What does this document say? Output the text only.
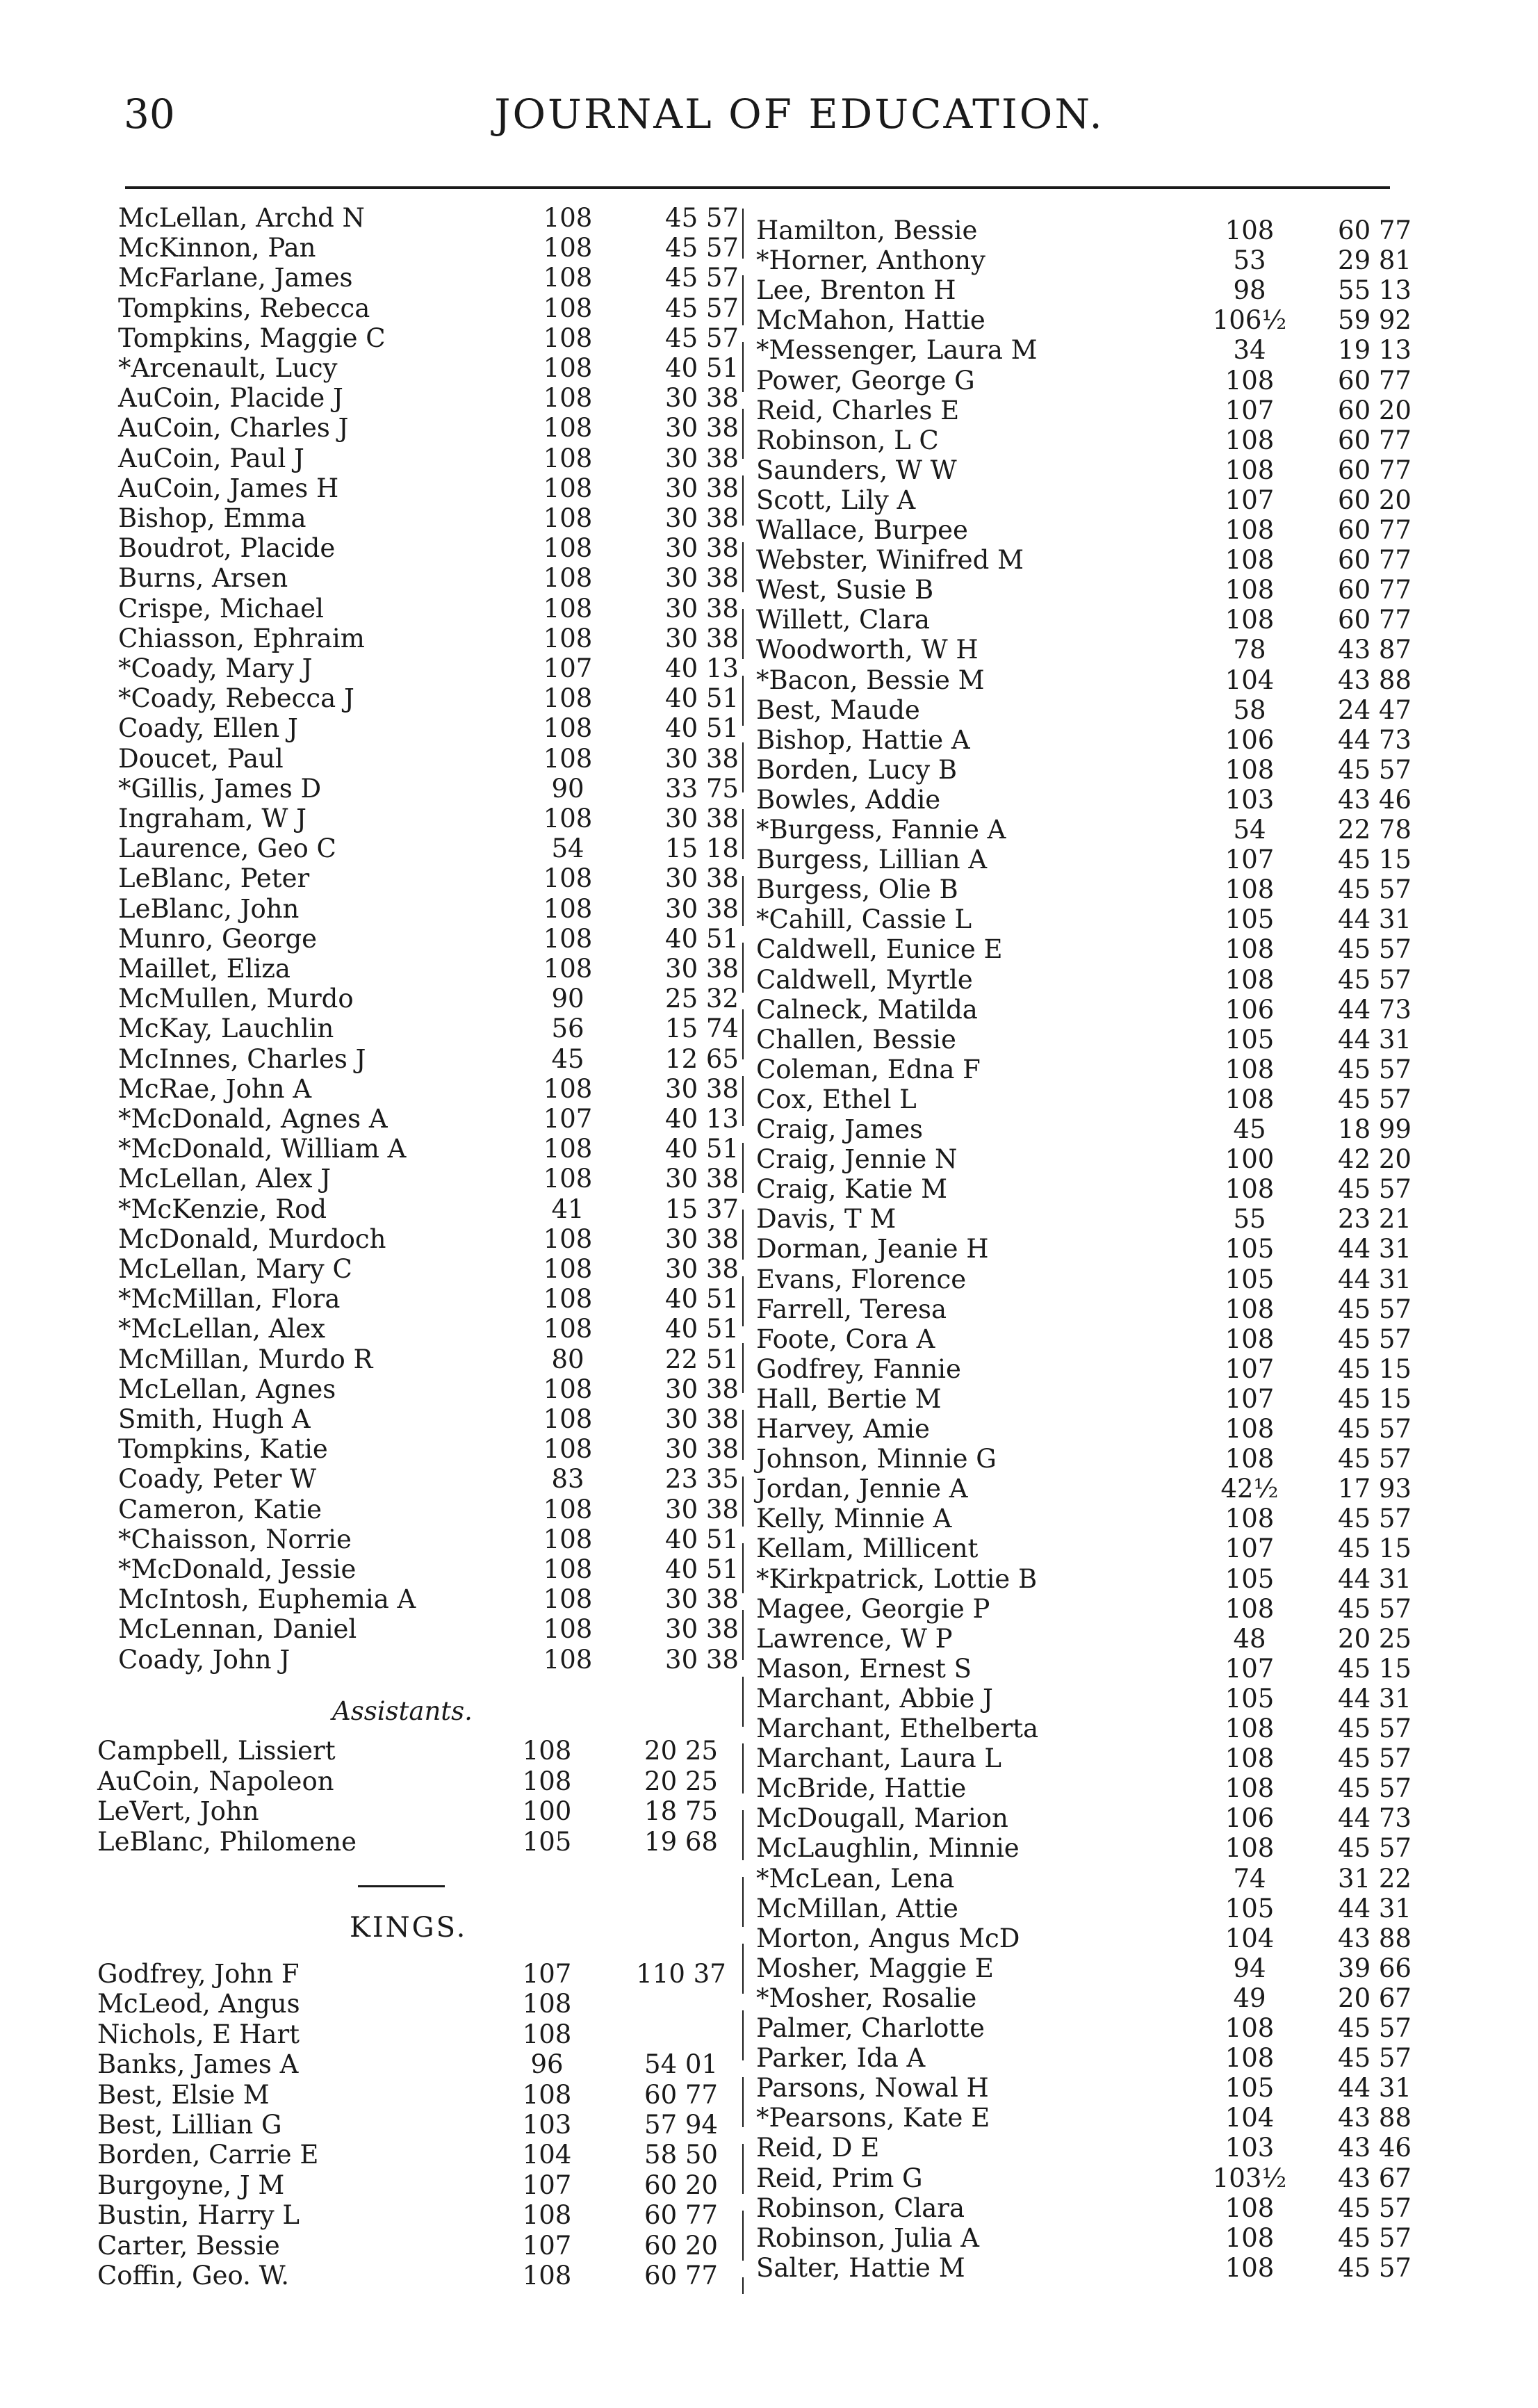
30	JOURNAL OF EDUCATION.
McLellan, Archd N	108	45 57
McKinnon, Pan	108	45 57
McFarlane, James	108	45 57
Tompkins, Rebecca	108	45 57
Tompkins, Maggie C	108	45 57
*Arcenault, Lucy	108	40 51
AuCoin, Placide J	108	30 38
AuCoin, Charles J	108	30 38
AuCoin, Paul J	108	30 38
AuCoin, James H	108	30 38
Bishop, Emma	108	30 38
Boudrot, Placide	108	30 38
Burns, Arsen	108	30 38
Crispe, Michael	108	30 38
Chiasson, Ephraim	108	30 38
*Coady, Mary J	107	40 13
*Coady, Rebecca J	108	40 51
Coady, Ellen J	108	40 51
Doucet, Paul	108	30 38
*Gillis, James D	90	33 75
Ingraham, W J	108	30 38
Laurence, Geo C	54	15 18
LeBlanc, Peter	108	30 38
LeBlanc, John	108	30 38
Munro, George	108	40 51
Maillet, Eliza	108	30 38
McMullen, Murdo	90	25 32
McKay, Lauchlin	56	15 74
McInnes, Charles J	45	12 65
McRae, John A	108	30 38
*McDonald, Agnes A	107	40 13
*McDonald, William A	108	40 51
McLellan, Alex J	108	30 38
*McKenzie, Rod	41	15 37
McDonald, Murdoch	108	30 38
McLellan, Mary C	108	30 38
*McMillan, Flora	108	40 51
*McLellan, Alex	108	40 51
McMillan, Murdo R	80	22 51
McLellan, Agnes	108	30 38
Smith, Hugh A	108	30 38
Tompkins, Katie	108	30 38
Coady, Peter W	83	23 35
Cameron, Katie	108	30 38
*Chaisson, Norrie	108	40 51
*McDonald, Jessie	108	40 51
McIntosh, Euphemia A	108	30 38
McLennan, Daniel	108	30 38
Coady, John J	108	30 38
Campbell, Lissiert	108	20 25
AuCoin, Napoleon	108	20 25
LeVert, John	100	18 75
LeBlanc, Philomene	105	19 68
Godfrey, John F	107	110 37
McLeod, Angus	108
Nichols, E Hart	108
Banks, James A	96	54 01
Best, Elsie M	108	60 77
Best, Lillian G	103	57 94
Borden, Carrie E	104	58 50
Burgoyne, J M	107	60 20
Bustin, Harry L	108	60 77
Carter, Bessie	107	60 20
Coffin, Geo. W.	108	60 77
Hamilton, Bessie	108	60 77
*Horner, Anthony	53	29 81
Lee, Brenton H	98	55 13
McMahon, Hattie	106½	59 92
*Messenger, Laura M	34	19 13
Power, George G	108	60 77
Reid, Charles E	107	60 20
Robinson, L C	108	60 77
Saunders, W W	108	60 77
Scott, Lily A	107	60 20
Wallace, Burpee	108	60 77
Webster, Winifred M	108	60 77
West, Susie B	108	60 77
Willett, Clara	108	60 77
Woodworth, W H	78	43 87
*Bacon, Bessie M	104	43 88
Best, Maude	58	24 47
Bishop, Hattie A	106	44 73
Borden, Lucy B	108	45 57
Bowles, Addie	103	43 46
*Burgess, Fannie A	54	22 78
Burgess, Lillian A	107	45 15
Burgess, Olie B	108	45 57
*Cahill, Cassie L	105	44 31
Caldwell, Eunice E	108	45 57
Caldwell, Myrtle	108	45 57
Calneck, Matilda	106	44 73
Challen, Bessie	105	44 31
Coleman, Edna F	108	45 57
Cox, Ethel L	108	45 57
Craig, James	45	18 99
Craig, Jennie N	100	42 20
Craig, Katie M	108	45 57
Davis, T M	55	23 21
Dorman, Jeanie H	105	44 31
Evans, Florence	105	44 31
Farrell, Teresa	108	45 57
Foote, Cora A	108	45 57
Godfrey, Fannie	107	45 15
Hall, Bertie M	107	45 15
Harvey, Amie	108	45 57
Johnson, Minnie G	108	45 57
Jordan, Jennie A	42½	17 93
Kelly, Minnie A	108	45 57
Kellam, Millicent	107	45 15
*Kirkpatrick, Lottie B	105	44 31
Magee, Georgie P	108	45 57
Lawrence, W P	48	20 25
Mason, Ernest S	107	45 15
Marchant, Abbie J	105	44 31
Marchant, Ethelberta	108	45 57
Marchant, Laura L	108	45 57
McBride, Hattie	108	45 57
McDougall, Marion	106	44 73
McLaughlin, Minnie	108	45 57
*McLean, Lena	74	31 22
McMillan, Attie	105	44 31
Morton, Angus McD	104	43 88
Mosher, Maggie E	94	39 66
*Mosher, Rosalie	49	20 67
Palmer, Charlotte	108	45 57
Parker, Ida A	108	45 57
Parsons, Nowal H	105	44 31
*Pearsons, Kate E	104	43 88
Reid, D E	103	43 46
Reid, Prim G	103½	43 67
Robinson, Clara	108	45 57
Robinson, Julia A	108	45 57
Salter, Hattie M	108	45 57
Assistants.
KINGS.
